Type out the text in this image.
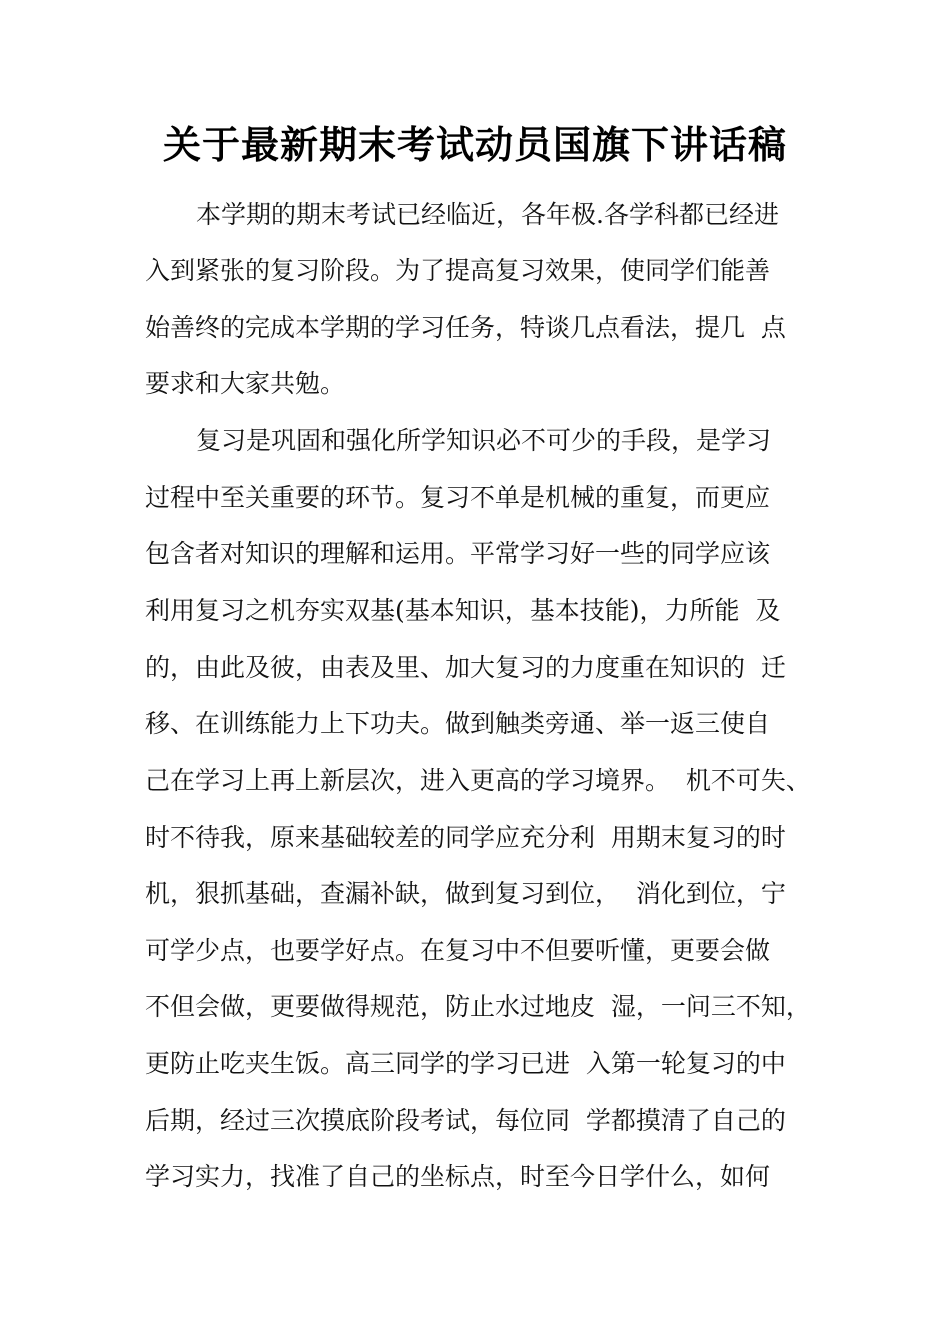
关于最新期末考试动员国旗下讲话稿
本学期的期末考试已经临近，各年极.各学科都已经进
入到紧张的复习阶段。为了提高复习效果，使同学们能善
始善终的完成本学期的学习任务，特谈几点看法，提几  点
要求和大家共勉。
复习是巩固和强化所学知识必不可少的手段，是学习
过程中至关重要的环节。复习不单是机械的重复，而更应
包含者对知识的理解和运用。平常学习好一些的同学应该
利用复习之机夯实双基(基本知识，基本技能)，力所能  及
的，由此及彼，由表及里、加大复习的力度重在知识的  迁
移、在训练能力上下功夫。做到触类旁通、举一返三使自
己在学习上再上新层次，进入更高的学习境界。  机不可失、
时不待我，原来基础较差的同学应充分利  用期末复习的时
机，狠抓基础，查漏补缺，做到复习到位，  消化到位，宁
可学少点，也要学好点。在复习中不但要听懂，更要会做
不但会做，更要做得规范，防止水过地皮  湿，一问三不知，
更防止吃夹生饭。高三同学的学习已进  入第一轮复习的中
后期，经过三次摸底阶段考试，每位同  学都摸清了自己的
学习实力，找准了自己的坐标点，时至今日学什么，如何
